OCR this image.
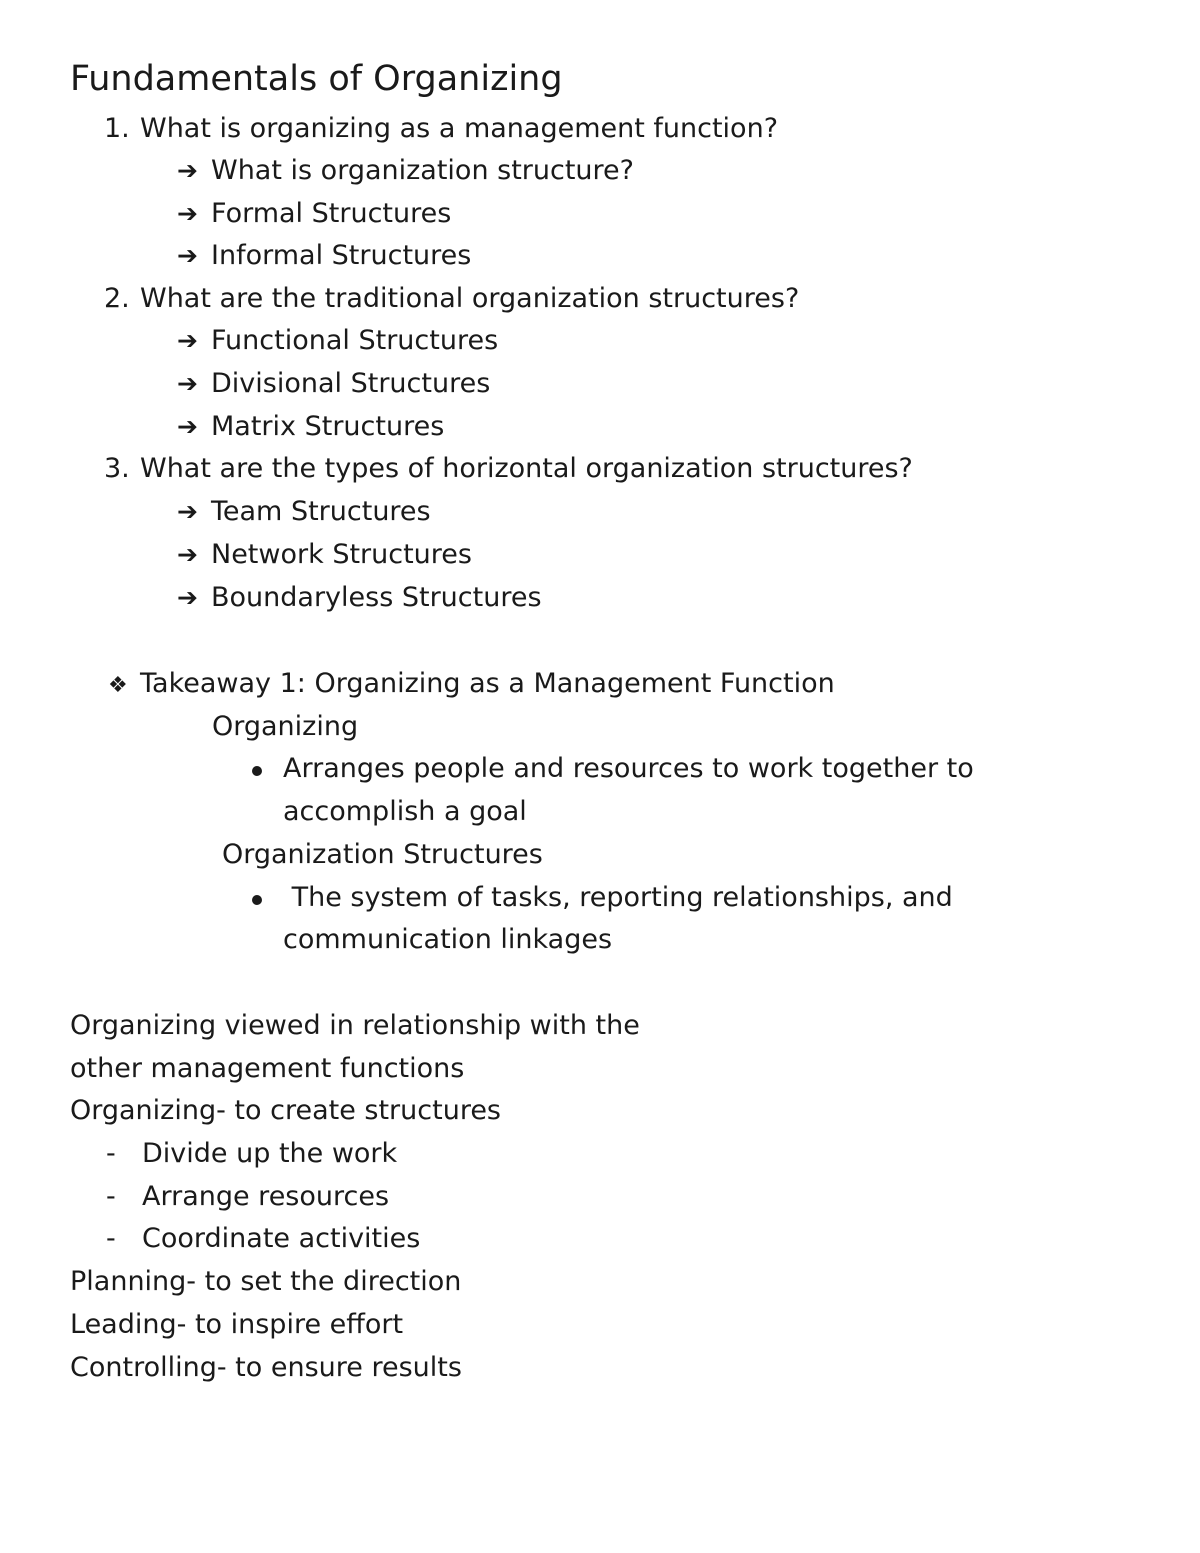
Fundamentals of Organizing
1. What is organizing as a management function?
➔ What is organization structure?
➔ Formal Structures
➔ Informal Structures
2. What are the traditional organization structures?
➔ Functional Structures
➔ Divisional Structures
➔ Matrix Structures
3. What are the types of horizontal organization structures?
➔ Team Structures
➔ Network Structures
➔ Boundaryless Structures
❖ Takeaway 1: Organizing as a Management Function
Organizing
Arranges people and resources to work together to
accomplish a goal
Organization Structures
The system of tasks, reporting relationships, and
communication linkages
Organizing viewed in relationship with the
other management functions
Organizing- to create structures
- Divide up the work
- Arrange resources
- Coordinate activities
Planning- to set the direction
Leading- to inspire effort
Controlling- to ensure results
